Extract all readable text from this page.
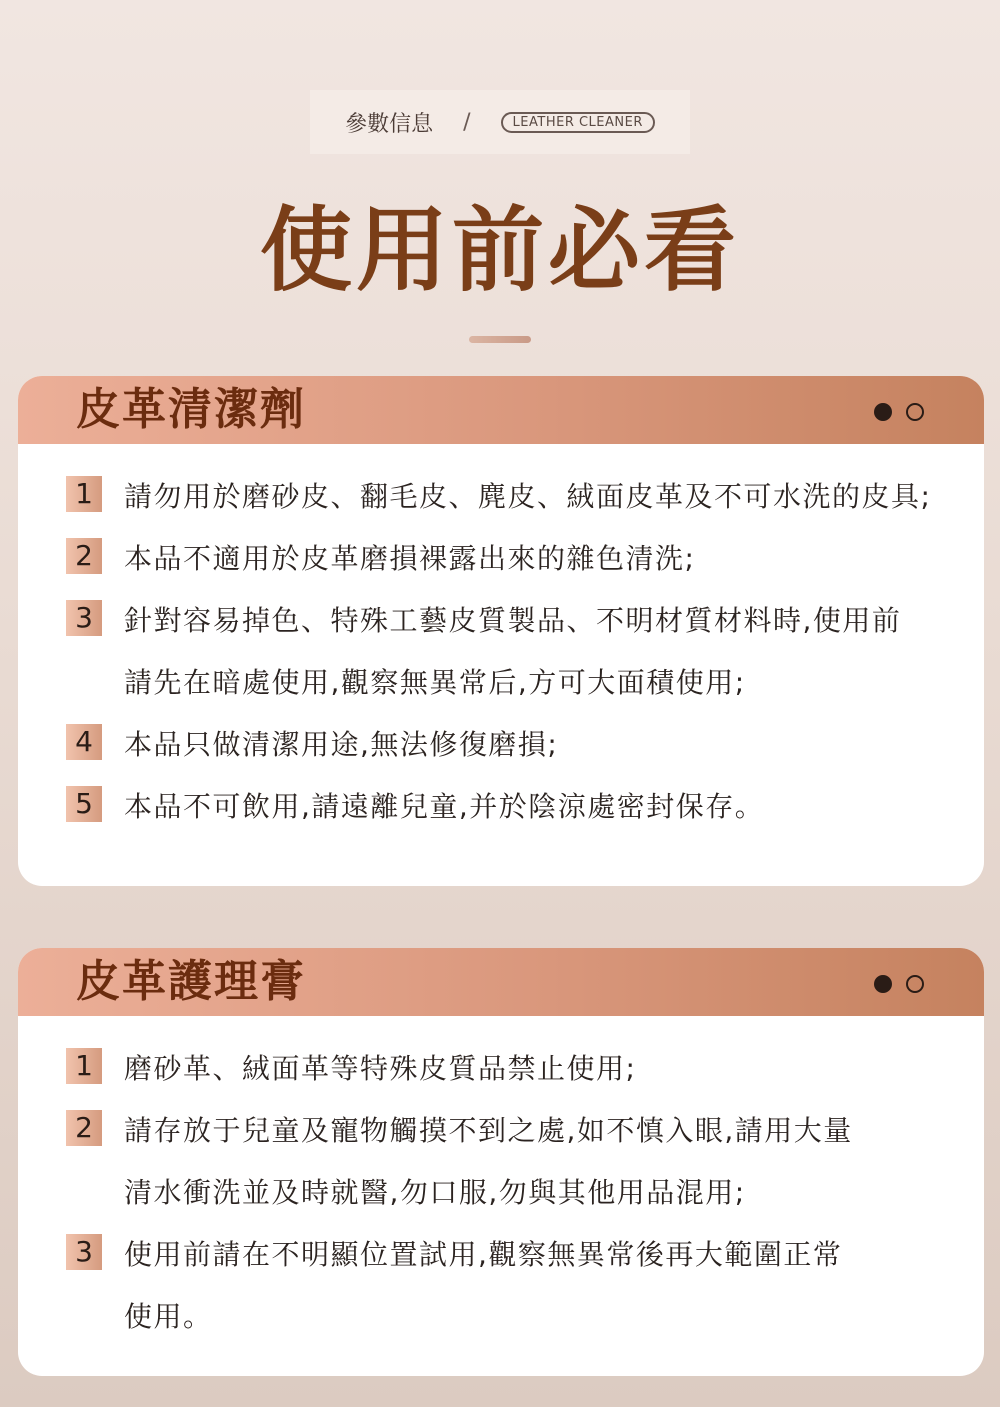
參數信息 /	LEATHER CLEANER
使用前必看
皮革清潔劑
1	請勿用於磨砂皮、翻毛皮、麂皮、絨面皮革及不可水洗的皮具;
2	本品不適用於皮革磨損裸露出來的雜色清洗;
3	針對容易掉色、特殊工藝皮質製品、不明材質材料時,使用前
請先在暗處使用,觀察無異常后,方可大面積使用;
4	本品只做清潔用途,無法修復磨損;
5	本品不可飲用,請遠離兒童,并於陰涼處密封保存。
皮革護理膏
1	磨砂革、絨面革等特殊皮質品禁止使用;
2	請存放于兒童及寵物觸摸不到之處,如不慎入眼,請用大量
清水衝洗並及時就醫,勿口服,勿與其他用品混用;
3	使用前請在不明顯位置試用,觀察無異常後再大範圍正常
使用。
